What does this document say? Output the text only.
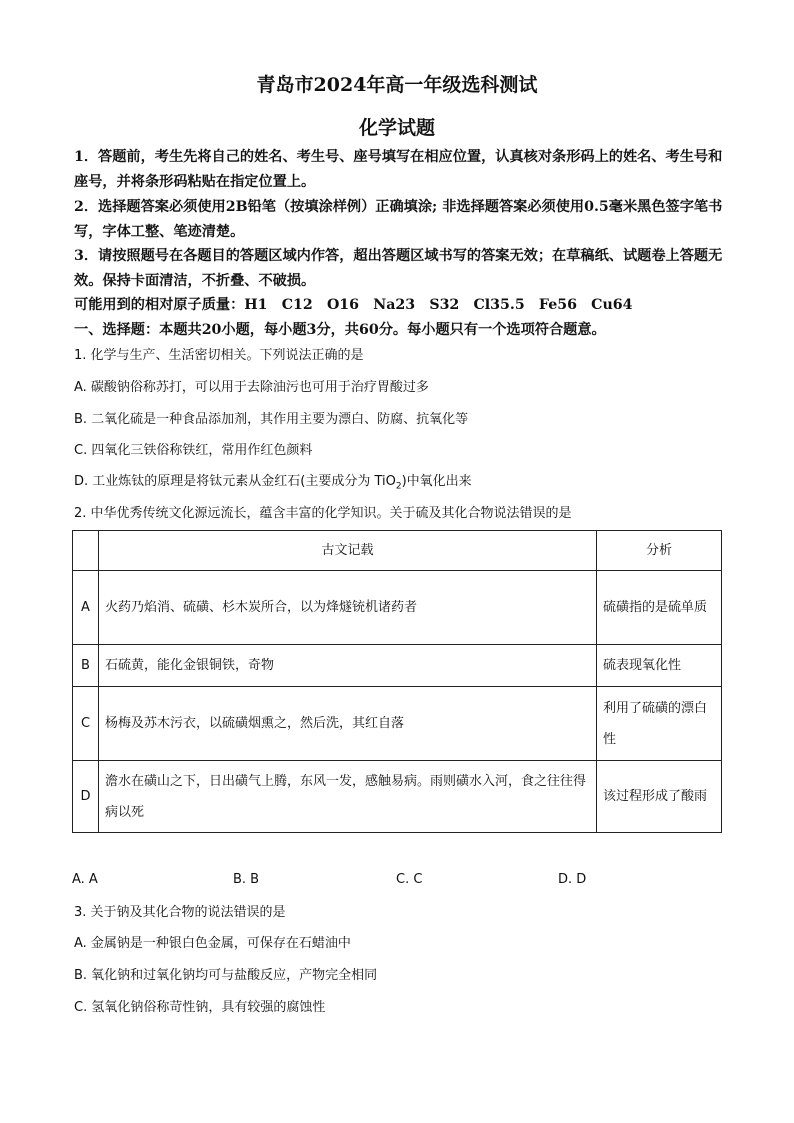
青岛市2024年高一年级选科测试
化学试题
1．答题前，考生先将自己的姓名、考生号、座号填写在相应位置，认真核对条形码上的姓名、考生号和座号，并将条形码粘贴在指定位置上。
2．选择题答案必须使用2B铅笔（按填涂样例）正确填涂; 非选择题答案必须使用0.5毫米黑色签字笔书写，字体工整、笔迹清楚。
3．请按照题号在各题目的答题区域内作答，超出答题区域书写的答案无效；在草稿纸、试题卷上答题无效。保持卡面清洁，不折叠、不破损。
可能用到的相对原子质量：H1　C12　O16　Na23　S32　Cl35.5　Fe56　Cu64
一、选择题：本题共20小题，每小题3分，共60分。每小题只有一个选项符合题意。
1. 化学与生产、生活密切相关。下列说法正确的是
A. 碳酸钠俗称苏打，可以用于去除油污也可用于治疗胃酸过多
B. 二氧化硫是一种食品添加剂，其作用主要为漂白、防腐、抗氧化等
C. 四氧化三铁俗称铁红，常用作红色颜料
D. 工业炼钛的原理是将钛元素从金红石(主要成分为 TiO$_2$)中氧化出来
2. 中华优秀传统文化源远流长，蕴含丰富的化学知识。关于硫及其化合物说法错误的是
	古文记载	分析
A	火药乃焰消、硫磺、杉木炭所合，以为烽燧铳机诸药者	硫磺指的是硫单质
B	石硫黄，能化金银铜铁，奇物	硫表现氧化性
C	杨梅及苏木污衣，以硫磺烟熏之，然后洗，其红自落	利用了硫磺的漂白性
D	澹水在磺山之下，日出磺气上腾，东风一发，感触易病。雨则磺水入河，食之往往得病以死	该过程形成了酸雨
A. A	B. B	C. C	D. D
3. 关于钠及其化合物的说法错误的是
A. 金属钠是一种银白色金属，可保存在石蜡油中
B. 氧化钠和过氧化钠均可与盐酸反应，产物完全相同
C. 氢氧化钠俗称苛性钠，具有较强的腐蚀性
